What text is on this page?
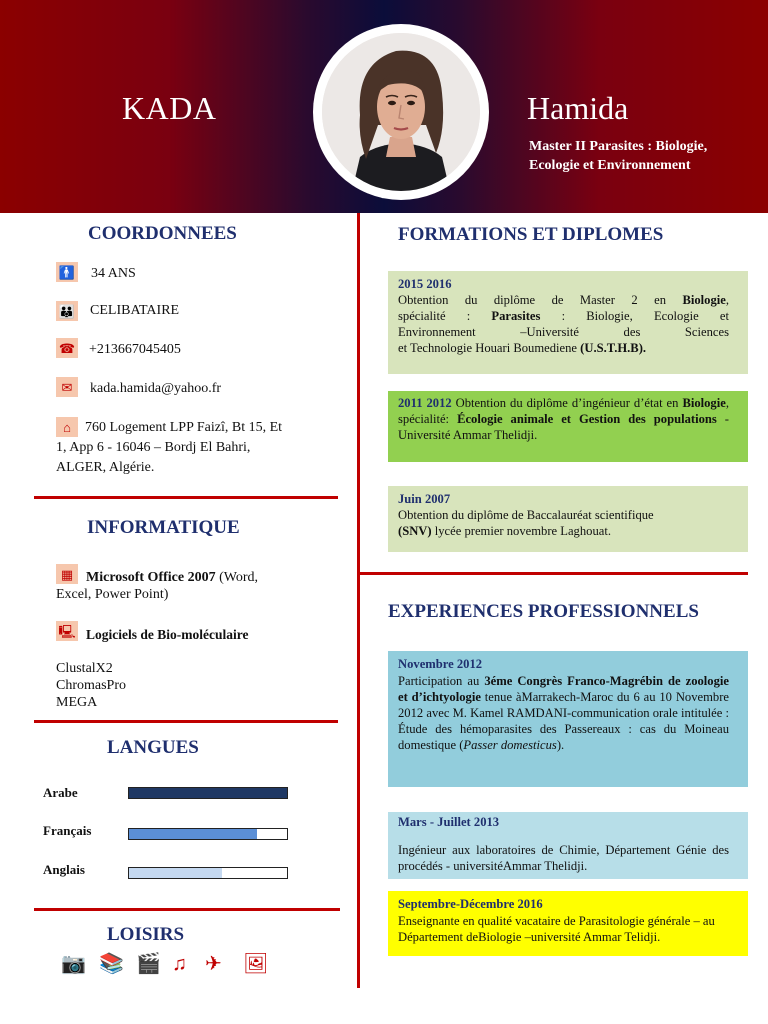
KADA	Hamida
Master II Parasites : Biologie,
Ecologie et Environnement
COORDONNEES
🚹 34 ANS
👪 CELIBATAIRE
☎ +213667045405
✉	kada.hamida@yahoo.fr
⌂	760 Logement LPP Faizî, Bt 15, Et
1, App 6 - 16046 – Bordj El Bahri,
ALGER, Algérie.
INFORMATIQUE
▦ Microsoft Office 2007 (Word,
Excel, Power Point)
🖳 Logiciels de Bio-moléculaire
ClustalX2
ChromasPro
MEGA
LANGUES
Arabe
Français
Anglais
LOISIRS
📷 📚 🎬 ♫ ✈ 🖼
FORMATIONS ET DIPLOMES
2015 2016
Obtention du diplôme de Master 2 en Biologie,
spécialité : Parasites : Biologie, Ecologie et
Environnement –Université des Sciences
et Technologie Houari Boumediene (U.S.T.H.B).
2011 2012 Obtention du diplôme d’ingénieur d’état en Biologie, spécialité: Écologie animale et Gestion des populations -Université Ammar Thelidji.
Juin 2007
Obtention du diplôme de Baccalauréat scientifique
(SNV) lycée premier novembre Laghouat.
EXPERIENCES PROFESSIONNELS
Novembre 2012
Participation au 3éme Congrès Franco-Magrébin de zoologie et d’ichtyologie tenue àMarrakech-Maroc du 6 au 10 Novembre 2012 avec M. Kamel RAMDANI-communication orale intitulée : Étude des hémoparasites des Passereaux : cas du Moineau domestique (Passer domesticus).
Mars - Juillet 2013
Ingénieur aux laboratoires de Chimie, Département Génie des procédés - universitéAmmar Thelidji.
Septembre-Décembre 2016
Enseignante en qualité vacataire de Parasitologie générale – au Département deBiologie –université Ammar Telidji.
